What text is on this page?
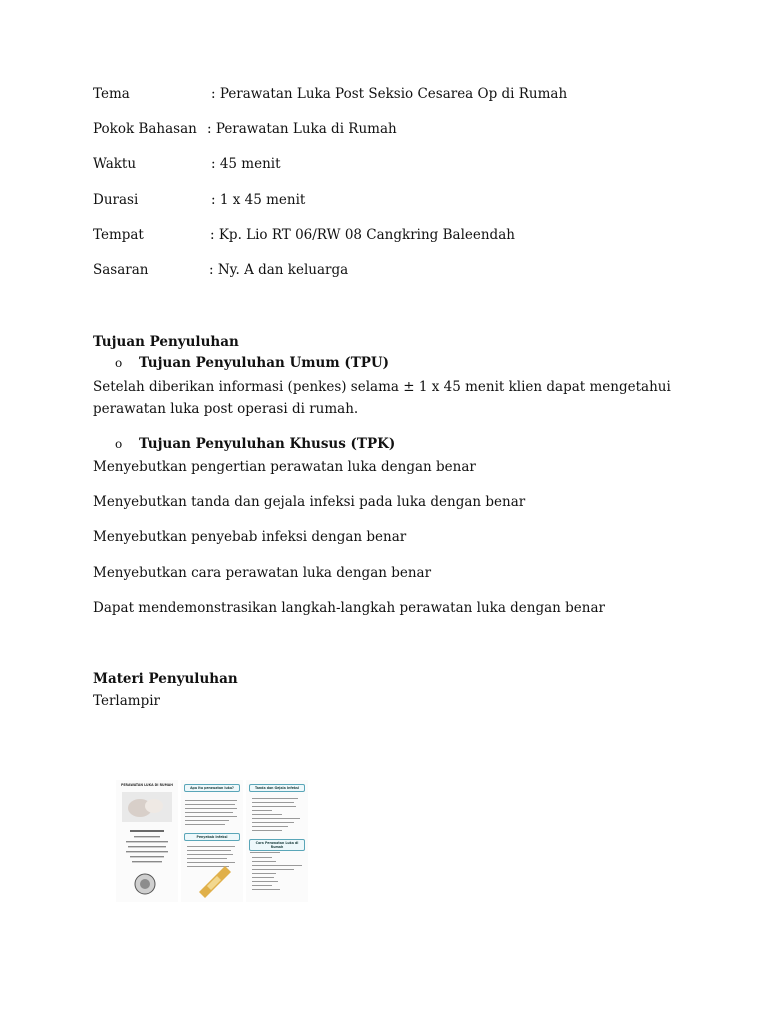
Tema	: Perawatan Luka Post Seksio Cesarea Op di Rumah
Pokok Bahasan : Perawatan Luka di Rumah
Waktu	: 45 menit
Durasi	: 1 x 45 menit
Tempat	: Kp. Lio RT 06/RW 08 Cangkring Baleendah
Sasaran	: Ny. A dan keluarga
Tujuan Penyuluhan
o Tujuan Penyuluhan Umum (TPU)
Setelah diberikan informasi (penkes) selama ± 1 x 45 menit klien dapat mengetahui perawatan luka post operasi di rumah.
o Tujuan Penyuluhan Khusus (TPK)
Menyebutkan pengertian perawatan luka dengan benar
Menyebutkan tanda dan gejala infeksi pada luka dengan benar
Menyebutkan penyebab infeksi dengan benar
Menyebutkan cara perawatan luka dengan benar
Dapat mendemonstrasikan langkah-langkah perawatan luka dengan benar
Materi Penyuluhan
Terlampir
PERAWATAN LUKA DI RUMAH
Apa itu perawatan luka?
Penyebab Infeksi
Tanda dan Gejala Infeksi
Cara Perawatan Luka di Rumah
